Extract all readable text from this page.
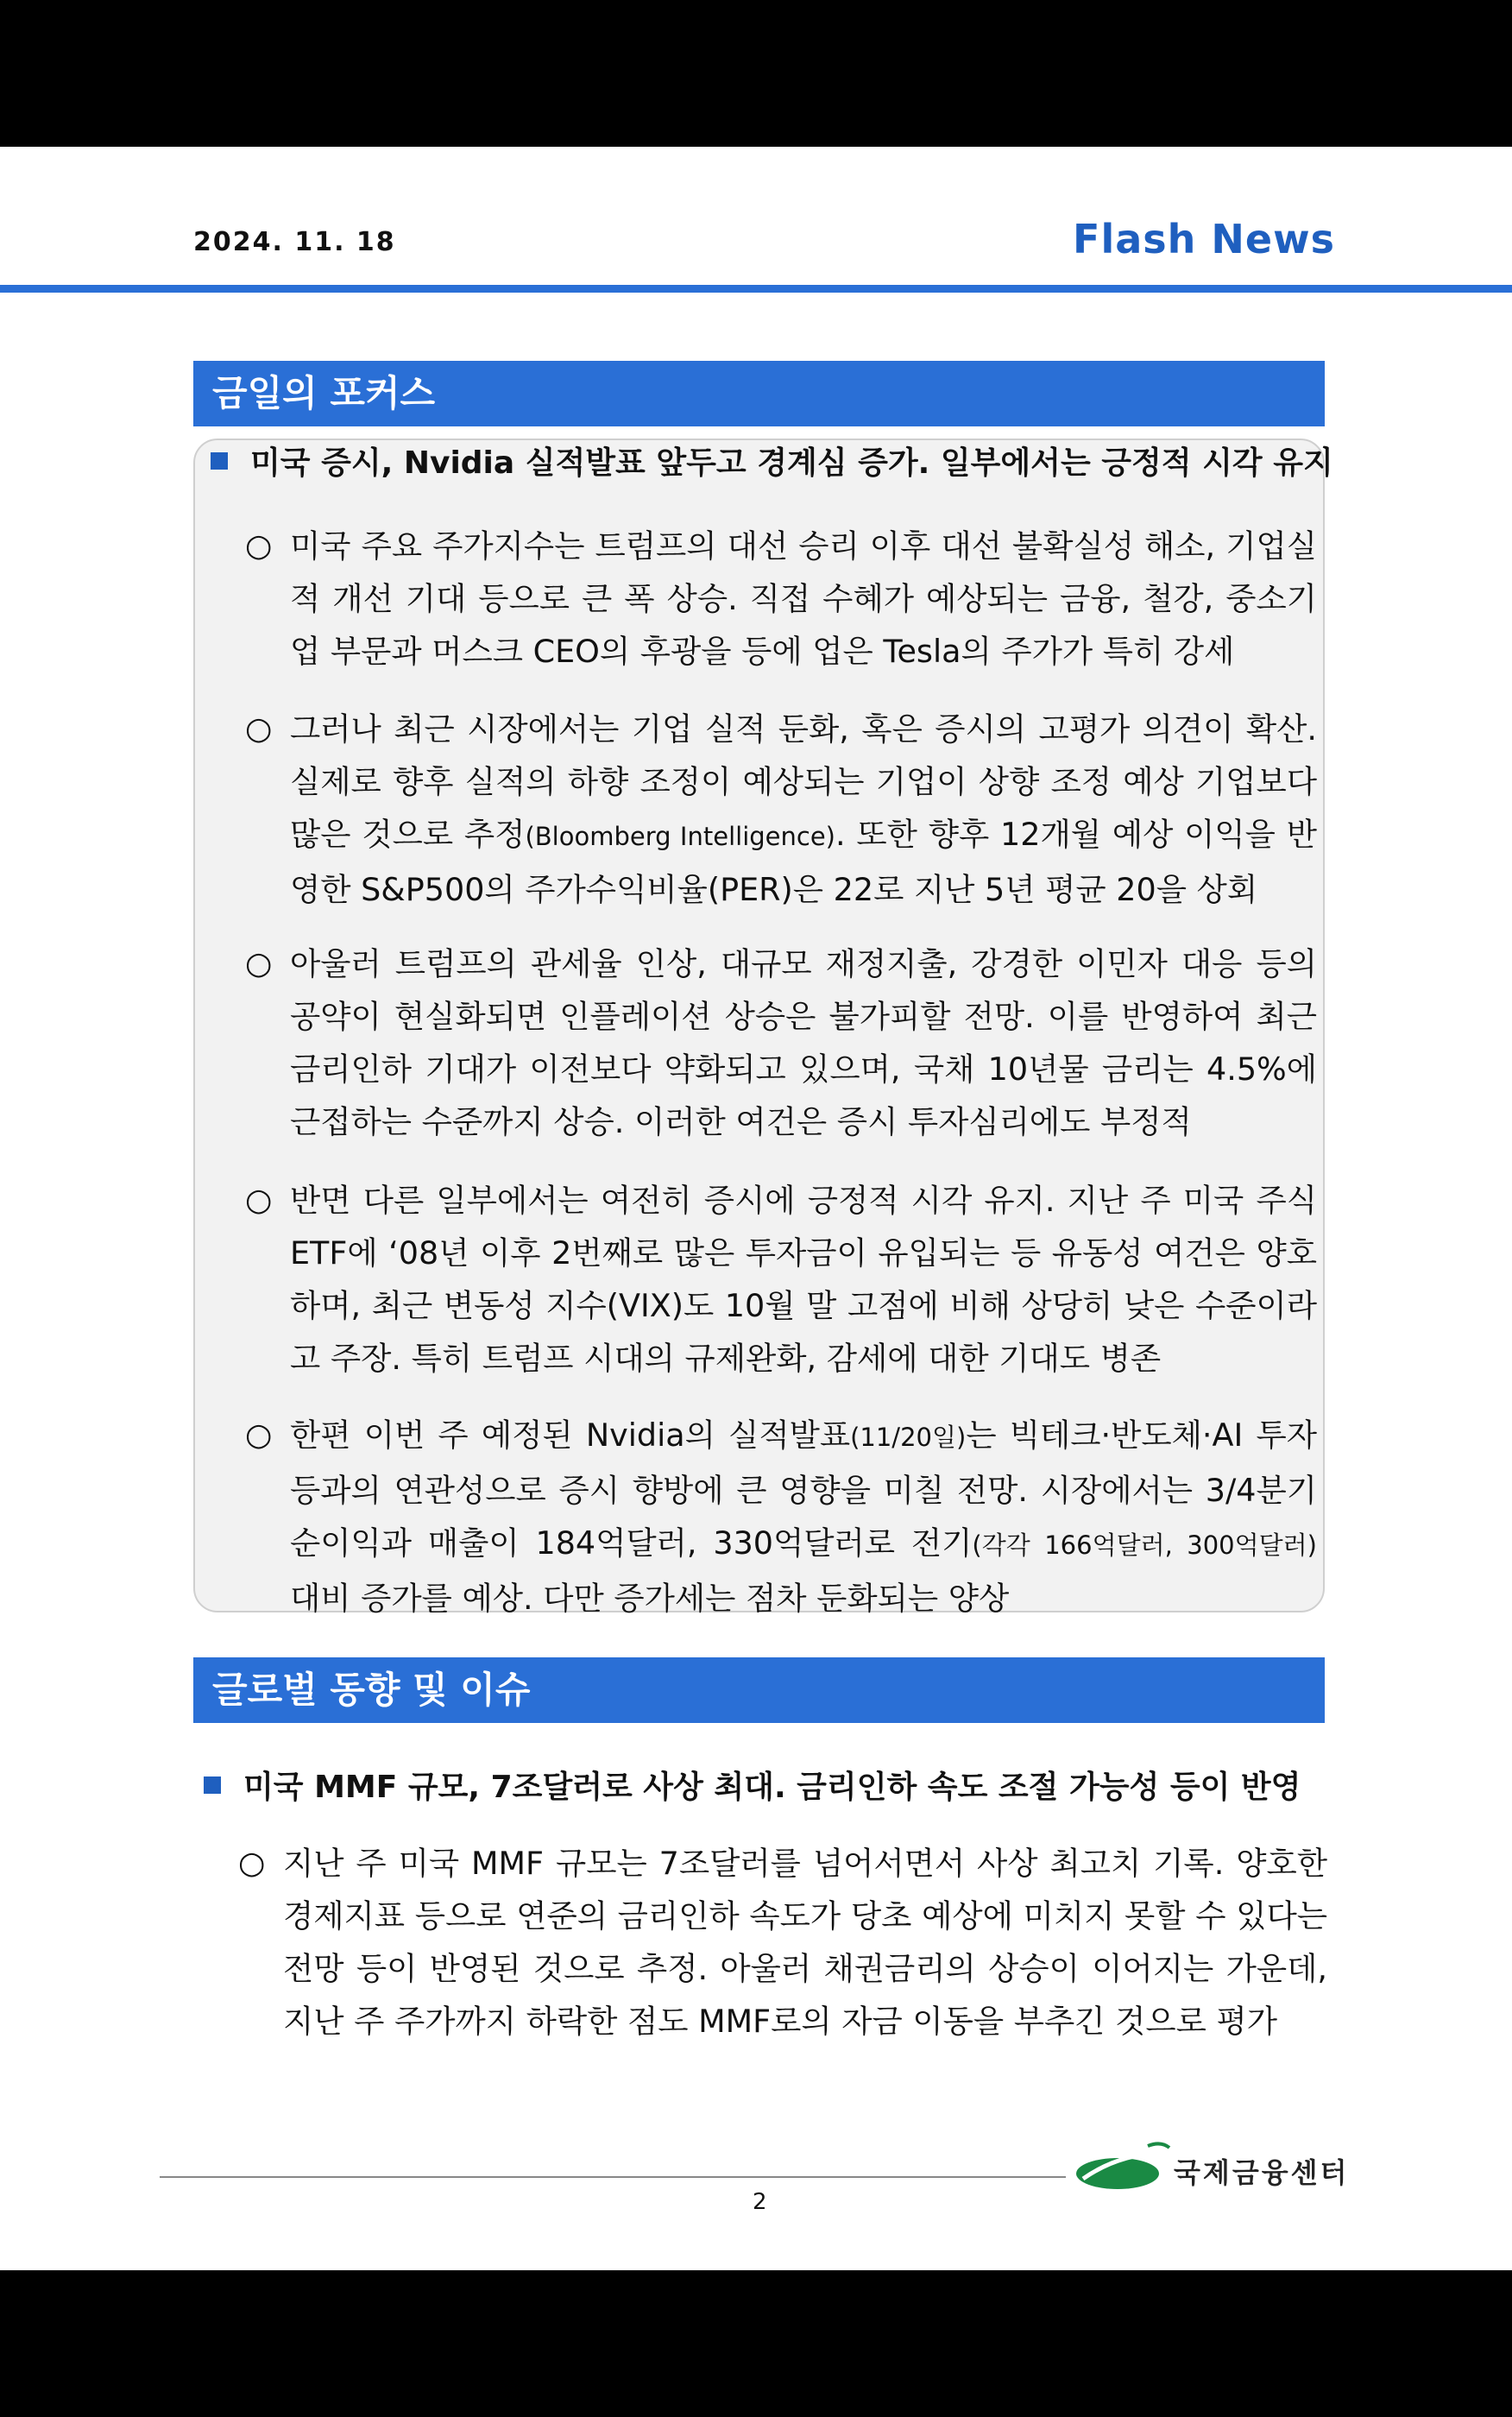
2024. 11. 18	Flash News
금일의 포커스
미국 증시, Nvidia 실적발표 앞두고 경계심 증가. 일부에서는 긍정적 시각 유지
○ 미국 주요 주가지수는 트럼프의 대선 승리 이후 대선 불확실성 해소, 기업실적 개선 기대 등으로 큰 폭 상승. 직접 수혜가 예상되는 금융, 철강, 중소기업 부문과 머스크 CEO의 후광을 등에 업은 Tesla의 주가가 특히 강세
○ 그러나 최근 시장에서는 기업 실적 둔화, 혹은 증시의 고평가 의견이 확산. 실제로 향후 실적의 하향 조정이 예상되는 기업이 상향 조정 예상 기업보다 많은 것으로 추정(Bloomberg Intelligence). 또한 향후 12개월 예상 이익을 반영한 S&P500의 주가수익비율(PER)은 22로 지난 5년 평균 20을 상회
○ 아울러 트럼프의 관세율 인상, 대규모 재정지출, 강경한 이민자 대응 등의 공약이 현실화되면 인플레이션 상승은 불가피할 전망. 이를 반영하여 최근 금리인하 기대가 이전보다 약화되고 있으며, 국채 10년물 금리는 4.5%에 근접하는 수준까지 상승. 이러한 여건은 증시 투자심리에도 부정적
○ 반면 다른 일부에서는 여전히 증시에 긍정적 시각 유지. 지난 주 미국 주식 ETF에 ‘08년 이후 2번째로 많은 투자금이 유입되는 등 유동성 여건은 양호하며, 최근 변동성 지수(VIX)도 10월 말 고점에 비해 상당히 낮은 수준이라고 주장. 특히 트럼프 시대의 규제완화, 감세에 대한 기대도 병존
○ 한편 이번 주 예정된 Nvidia의 실적발표(11/20일)는 빅테크·반도체·AI 투자 등과의 연관성으로 증시 향방에 큰 영향을 미칠 전망. 시장에서는 3/4분기 순이익과 매출이 184억달러, 330억달러로 전기(각각 166억달러, 300억달러) 대비 증가를 예상. 다만 증가세는 점차 둔화되는 양상
글로벌 동향 및 이슈
미국 MMF 규모, 7조달러로 사상 최대. 금리인하 속도 조절 가능성 등이 반영
○ 지난 주 미국 MMF 규모는 7조달러를 넘어서면서 사상 최고치 기록. 양호한 경제지표 등으로 연준의 금리인하 속도가 당초 예상에 미치지 못할 수 있다는 전망 등이 반영된 것으로 추정. 아울러 채권금리의 상승이 이어지는 가운데, 지난 주 주가까지 하락한 점도 MMF로의 자금 이동을 부추긴 것으로 평가
2
국제금융센터
